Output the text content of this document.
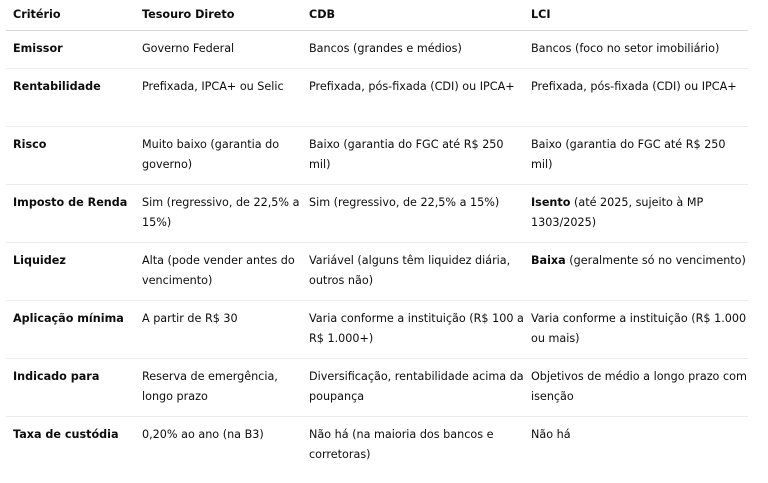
Critério	Tesouro Direto	CDB	LCI
Emissor	Governo Federal	Bancos (grandes e médios)	Bancos (foco no setor imobiliário)
Rentabilidade	Prefixada, IPCA+ ou Selic	Prefixada, pós-fixada (CDI) ou IPCA+	Prefixada, pós-fixada (CDI) ou IPCA+
Risco	Muito baixo (garantia do governo)	Baixo (garantia do FGC até R$ 250 mil)	Baixo (garantia do FGC até R$ 250 mil)
Imposto de Renda	Sim (regressivo, de 22,5% a 15%)	Sim (regressivo, de 22,5% a 15%)	Isento (até 2025, sujeito à MP 1303/2025)
Liquidez	Alta (pode vender antes do vencimento)	Variável (alguns têm liquidez diária, outros não)	Baixa (geralmente só no vencimento)
Aplicação mínima	A partir de R$ 30	Varia conforme a instituição (R$ 100 a R$ 1.000+)	Varia conforme a instituição (R$ 1.000 ou mais)
Indicado para	Reserva de emergência, longo prazo	Diversificação, rentabilidade acima da poupança	Objetivos de médio a longo prazo com isenção
Taxa de custódia	0,20% ao ano (na B3)	Não há (na maioria dos bancos e corretoras)	Não há
